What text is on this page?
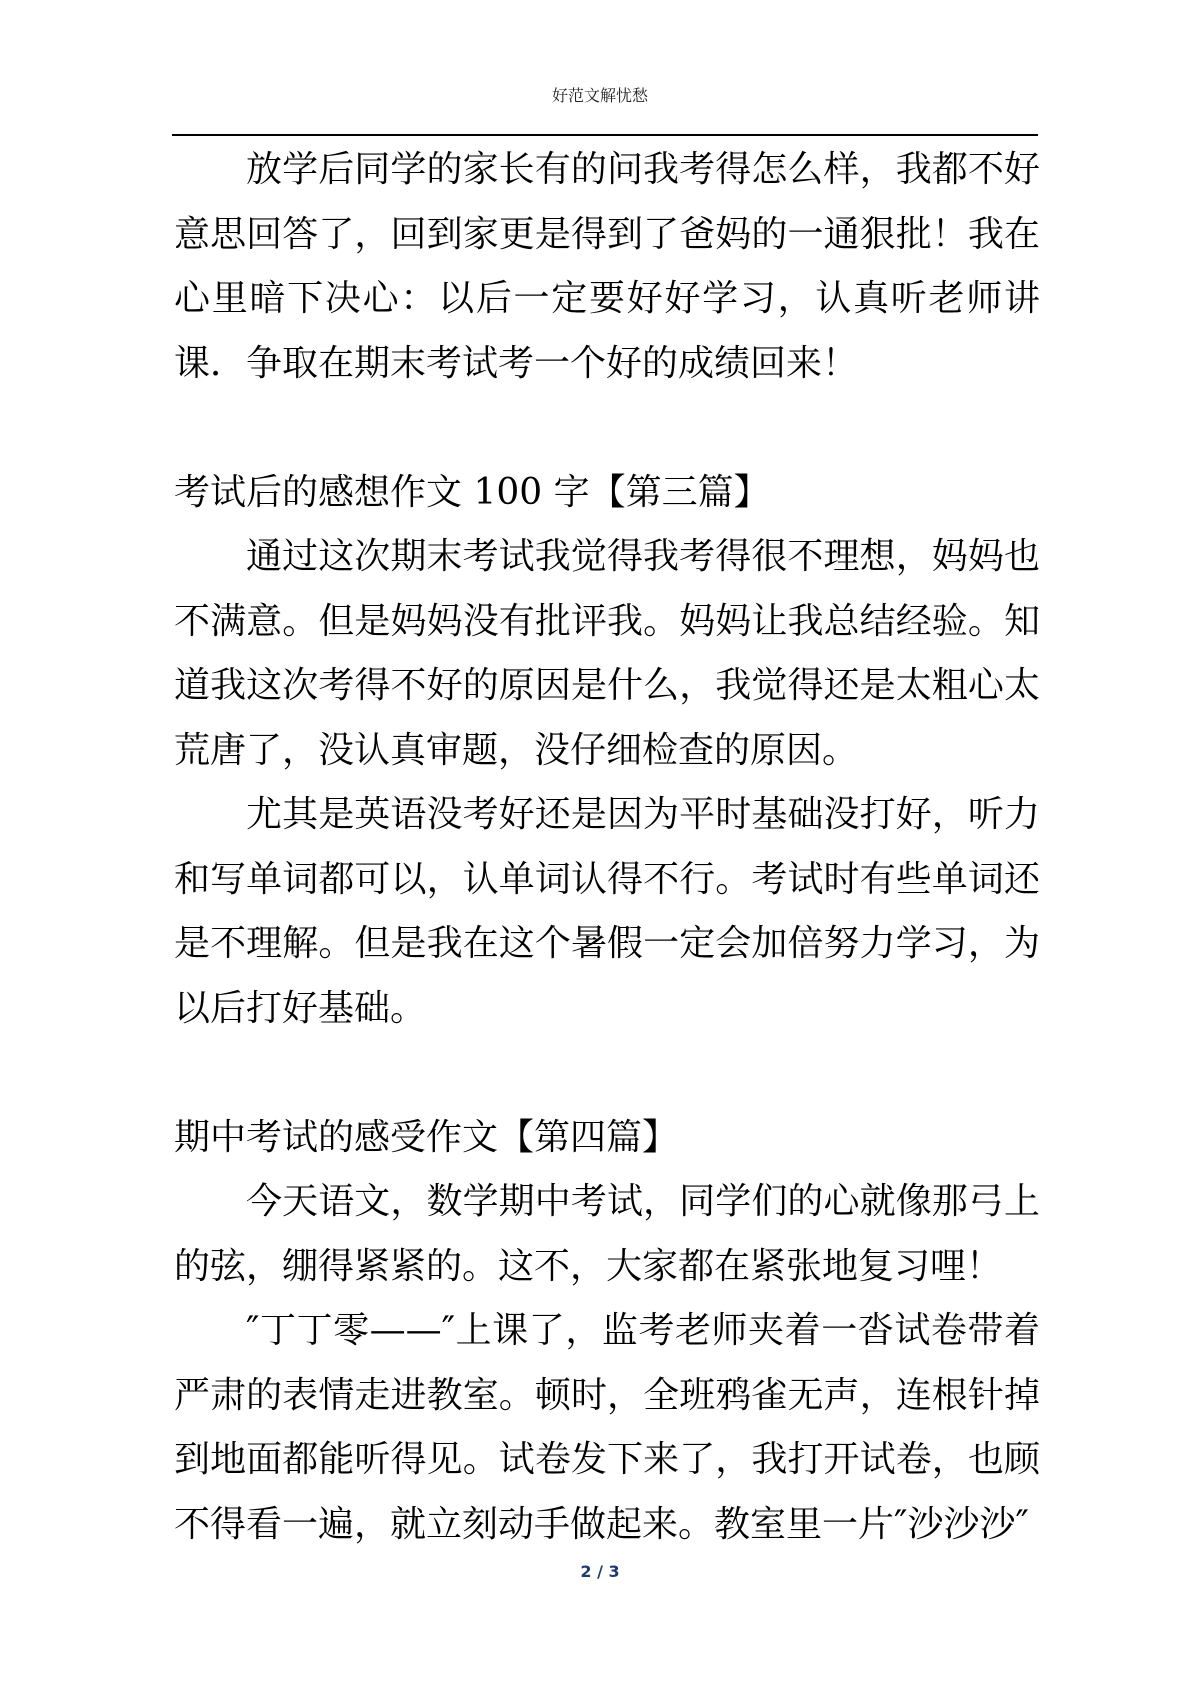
好范文解忧愁

放学后同学的家长有的问我考得怎么样，我都不好意思回答了，回到家更是得到了爸妈的一通狠批！我在心里暗下决心：以后一定要好好学习，认真听老师讲课．争取在期末考试考一个好的成绩回来！

考试后的感想作文 100 字【第三篇】

通过这次期末考试我觉得我考得很不理想，妈妈也不满意。但是妈妈没有批评我。妈妈让我总结经验。知道我这次考得不好的原因是什么，我觉得还是太粗心太荒唐了，没认真审题，没仔细检查的原因。

尤其是英语没考好还是因为平时基础没打好，听力和写单词都可以，认单词认得不行。考试时有些单词还是不理解。但是我在这个暑假一定会加倍努力学习，为以后打好基础。

期中考试的感受作文【第四篇】

今天语文，数学期中考试，同学们的心就像那弓上的弦，绷得紧紧的。这不，大家都在紧张地复习哩！

″丁丁零——″上课了，监考老师夹着一沓试卷带着严肃的表情走进教室。顿时，全班鸦雀无声，连根针掉到地面都能听得见。试卷发下来了，我打开试卷，也顾不得看一遍，就立刻动手做起来。教室里一片″沙沙沙″

2 / 3
